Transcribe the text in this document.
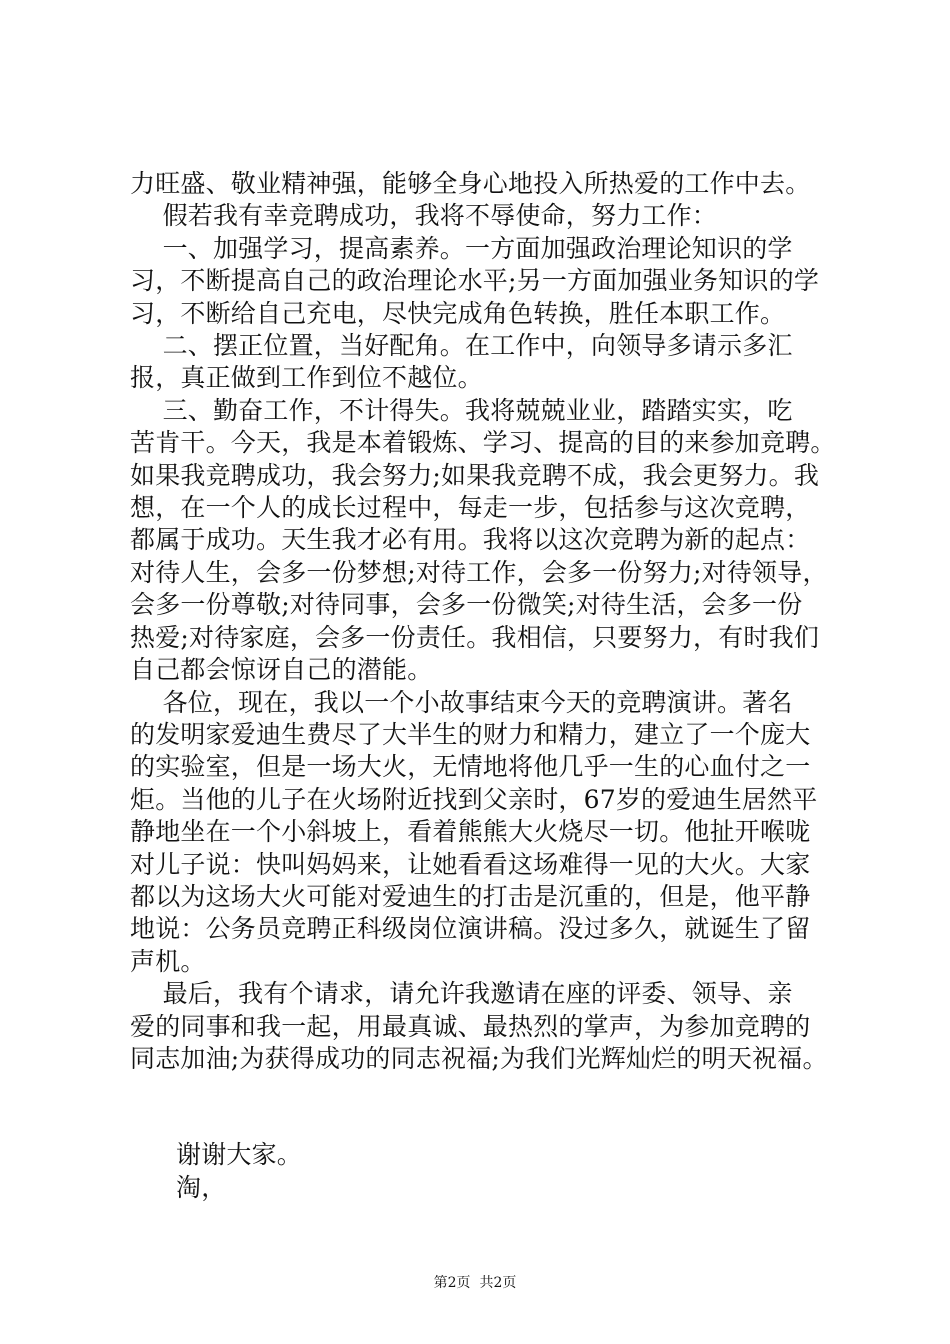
力旺盛、敬业精神强，能够全身心地投入所热爱的工作中去。
假若我有幸竞聘成功，我将不辱使命，努力工作：
一、加强学习，提高素养。一方面加强政治理论知识的学
习，不断提高自己的政治理论水平;另一方面加强业务知识的学
习，不断给自己充电，尽快完成角色转换，胜任本职工作。
二、摆正位置，当好配角。在工作中，向领导多请示多汇
报，真正做到工作到位不越位。
三、勤奋工作，不计得失。我将兢兢业业，踏踏实实，吃
苦肯干。今天，我是本着锻炼、学习、提高的目的来参加竞聘。
如果我竞聘成功，我会努力;如果我竞聘不成，我会更努力。我
想，在一个人的成长过程中，每走一步，包括参与这次竞聘，
都属于成功。天生我才必有用。我将以这次竞聘为新的起点：
对待人生，会多一份梦想;对待工作，会多一份努力;对待领导，
会多一份尊敬;对待同事，会多一份微笑;对待生活，会多一份
热爱;对待家庭，会多一份责任。我相信，只要努力，有时我们
自己都会惊讶自己的潜能。
各位，现在，我以一个小故事结束今天的竞聘演讲。著名
的发明家爱迪生费尽了大半生的财力和精力，建立了一个庞大
的实验室，但是一场大火，无情地将他几乎一生的心血付之一
炬。当他的儿子在火场附近找到父亲时，67岁的爱迪生居然平
静地坐在一个小斜坡上，看着熊熊大火烧尽一切。他扯开喉咙
对儿子说：快叫妈妈来，让她看看这场难得一见的大火。大家
都以为这场大火可能对爱迪生的打击是沉重的，但是，他平静
地说：公务员竞聘正科级岗位演讲稿。没过多久，就诞生了留
声机。
最后，我有个请求，请允许我邀请在座的评委、领导、亲
爱的同事和我一起，用最真诚、最热烈的掌声，为参加竞聘的
同志加油;为获得成功的同志祝福;为我们光辉灿烂的明天祝福。
谢谢大家。
淘，
第2页  共2页
